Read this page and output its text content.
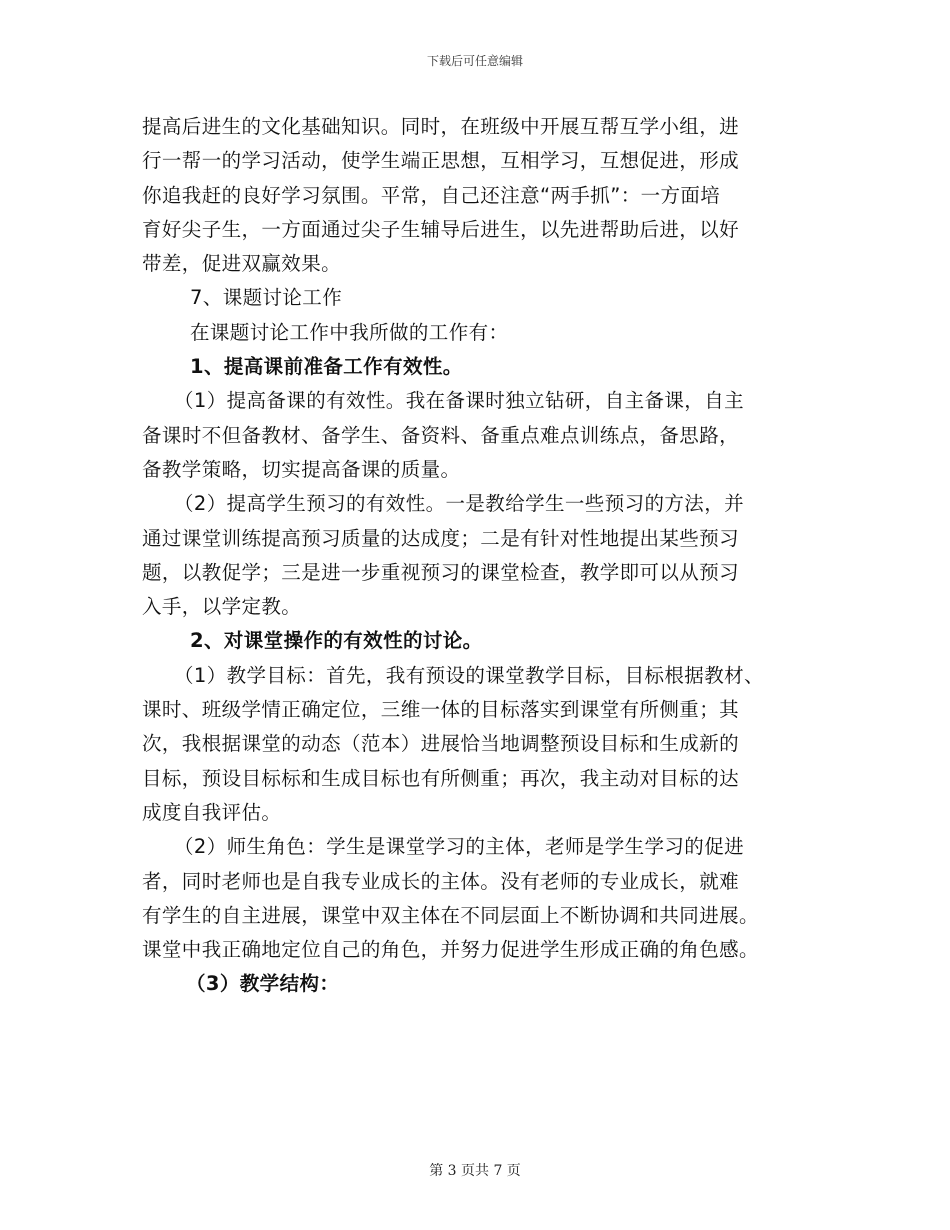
下载后可任意编辑
提高后进生的文化基础知识。同时，在班级中开展互帮互学小组，进
行一帮一的学习活动，使学生端正思想，互相学习，互想促进，形成
你追我赶的良好学习氛围。平常，自己还注意“两手抓”：一方面培
育好尖子生，一方面通过尖子生辅导后进生，以先进帮助后进，以好
带差，促进双赢效果。
7、课题讨论工作
在课题讨论工作中我所做的工作有：
1、提高课前准备工作有效性。
（1）提高备课的有效性。我在备课时独立钻研，自主备课，自主
备课时不但备教材、备学生、备资料、备重点难点训练点，备思路，
备教学策略，切实提高备课的质量。
（2）提高学生预习的有效性。一是教给学生一些预习的方法，并
通过课堂训练提高预习质量的达成度；二是有针对性地提出某些预习
题，以教促学；三是进一步重视预习的课堂检查，教学即可以从预习
入手，以学定教。
2、对课堂操作的有效性的讨论。
（1）教学目标：首先，我有预设的课堂教学目标，目标根据教材、
课时、班级学情正确定位，三维一体的目标落实到课堂有所侧重；其
次，我根据课堂的动态（范本）进展恰当地调整预设目标和生成新的
目标，预设目标标和生成目标也有所侧重；再次，我主动对目标的达
成度自我评估。
（2）师生角色：学生是课堂学习的主体，老师是学生学习的促进
者，同时老师也是自我专业成长的主体。没有老师的专业成长，就难
有学生的自主进展，课堂中双主体在不同层面上不断协调和共同进展。
课堂中我正确地定位自己的角色，并努力促进学生形成正确的角色感。
（3）教学结构：
第 3 页共 7 页
